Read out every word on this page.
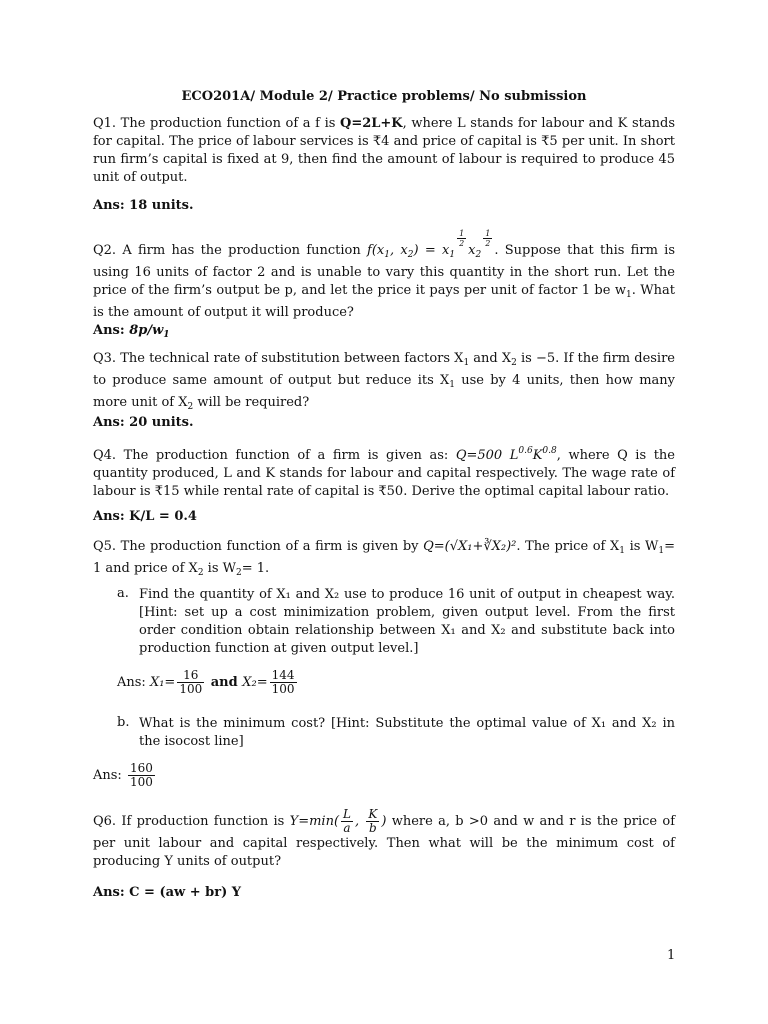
ECO201A/ Module 2/ Practice problems/ No submission
Q1. The production function of a f is Q=2L+K, where L stands for labour and K stands for capital. The price of labour services is ₹4 and price of capital is ₹5 per unit. In short run firm’s capital is fixed at 9, then find the amount of labour is required to produce 45 unit of output.
Ans: 18 units.
Q2. A firm has the production function $f(x_1$, $x_2) = x_1$
$\frac{1}{2}$
$x_2$
$\frac{1}{2}$
. Suppose that this firm is using 16 units of factor 2 and is unable to vary this quantity in the short run. Let the price of the firm’s output be p, and let the price it pays per unit of factor 1 be $w_1$. What is the amount of output it will produce?
Ans: $8p/w_1$
Q3. The technical rate of substitution between factors $X_1$ and $X_2$ is −5. If the firm desire to produce same amount of output but reduce its $X_1$ use by 4 units, then how many more unit of $X_2$ will be required?
Ans: 20 units.
Q4. The production function of a firm is given as: Q=500 $L^{0.6}K^{0.8}$, where Q is the quantity produced, L and K stands for labour and capital respectively. The wage rate of labour is ₹15 while rental rate of capital is ₹50. Derive the optimal capital labour ratio.
Ans: K/L = 0.4
Q5. The production function of a firm is given by Q=(√X₁+∛X₂)². The price of $X_1$ is $W_1= 1$ and price of $X_2$ is $W_2= 1$.
a. Find the quantity of X₁ and X₂ use to produce 16 unit of output in cheapest way. [Hint: set up a cost minimization problem, given output level. From the first order condition obtain relationship between X₁ and X₂ and substitute back into production function at given output level.]
Ans: $X_1= \frac{16}{100}$ and $X_2= \frac{144}{100}$
b. What is the minimum cost? [Hint: Substitute the optimal value of X₁ and X₂ in the isocost line]
Ans: $\frac{160}{100}$
Q6. If production function is $Y=\min( \frac{L}{a}$ , $\frac{K}{b}$ ) where a, b >0 and w and r is the price of per unit labour and capital respectively. Then what will be the minimum cost of producing Y units of output?
Ans: C = (aw + br) Y
1
